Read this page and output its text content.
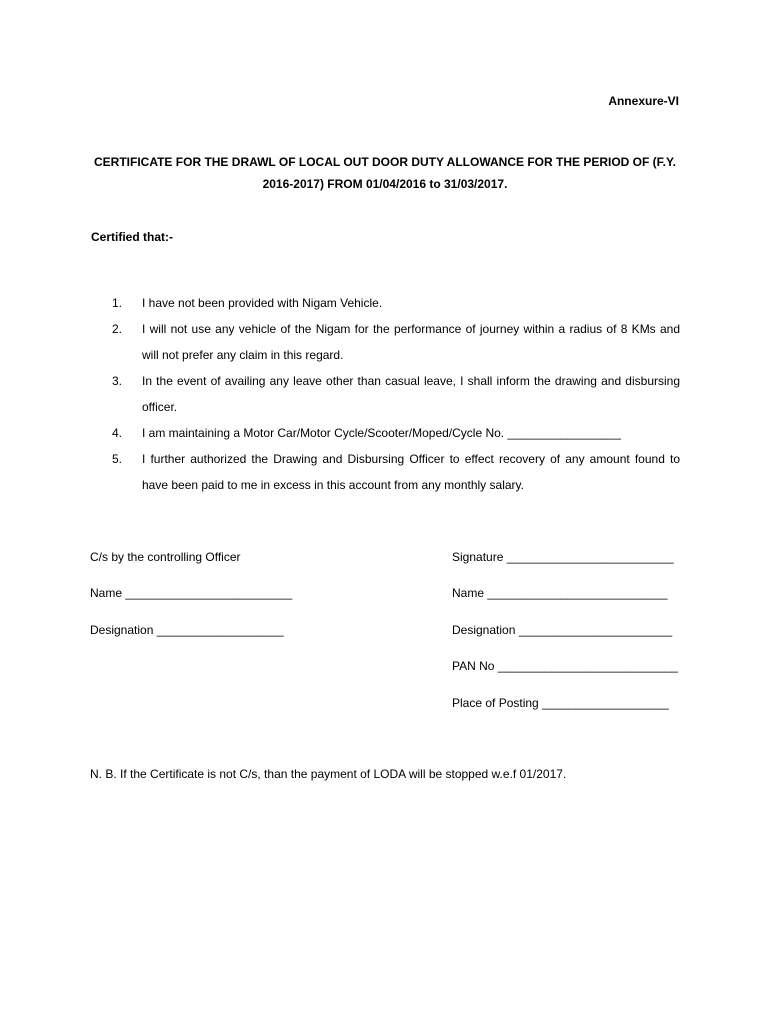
Annexure-VI
CERTIFICATE FOR THE DRAWL OF LOCAL OUT DOOR DUTY ALLOWANCE FOR THE PERIOD OF (F.Y.
2016-2017) FROM 01/04/2016 to 31/03/2017.
Certified that:-
1.	I have not been provided with Nigam Vehicle.
2.	I will not use any vehicle of the Nigam for the performance of journey within a radius of 8 KMs and will not prefer any claim in this regard.
3.	In the event of availing any leave other than casual leave, I shall inform the drawing and disbursing officer.
4.	I am maintaining a Motor Car/Motor Cycle/Scooter/Moped/Cycle No. _________________
5.	I further authorized the Drawing and Disbursing Officer to effect recovery of any amount found to have been paid to me in excess in this account from any monthly salary.
C/s by the controlling Officer
Name _________________________
Designation ___________________
Signature _________________________
Name ___________________________
Designation _______________________
PAN No ___________________________
Place of Posting ___________________
N. B. If the Certificate is not C/s, than the payment of LODA will be stopped w.e.f 01/2017.
